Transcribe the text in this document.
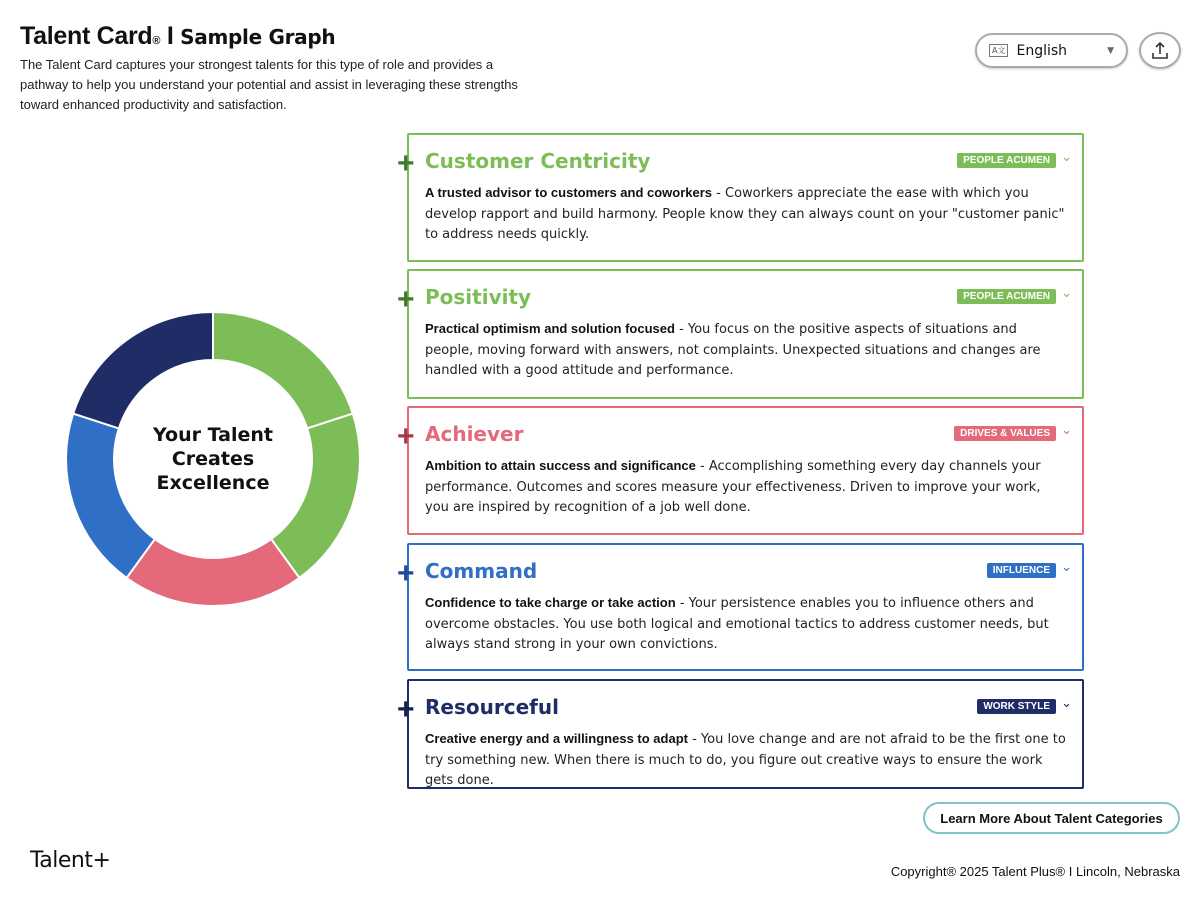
Talent Card® I Sample Graph
The Talent Card captures your strongest talents for this type of role and provides a pathway to help you understand your potential and assist in leveraging these strengths toward enhanced productivity and satisfaction.
A文 English	▼
Your Talent
Creates
Excellence
+ Customer Centricity	PEOPLE ACUMEN ⌄

A trusted advisor to customers and coworkers - Coworkers appreciate the ease with which you develop rapport and build harmony. People know they can always count on your "customer panic" to address needs quickly.

+ Positivity	PEOPLE ACUMEN ⌄

Practical optimism and solution focused - You focus on the positive aspects of situations and people, moving forward with answers, not complaints. Unexpected situations and changes are handled with a good attitude and performance.

+ Achiever	DRIVES & VALUES ⌄

Ambition to attain success and significance - Accomplishing something every day channels your performance. Outcomes and scores measure your effectiveness. Driven to improve your work, you are inspired by recognition of a job well done.

+ Command	INFLUENCE ⌄

Confidence to take charge or take action - Your persistence enables you to influence others and overcome obstacles. You use both logical and emotional tactics to address customer needs, but always stand strong in your own convictions.

+ Resourceful	WORK STYLE ⌄

Creative energy and a willingness to adapt - You love change and are not afraid to be the first one to try something new. When there is much to do, you figure out creative ways to ensure the work gets done.

Learn More About Talent Categories
Talent+	Copyright® 2025 Talent Plus® I Lincoln, Nebraska
